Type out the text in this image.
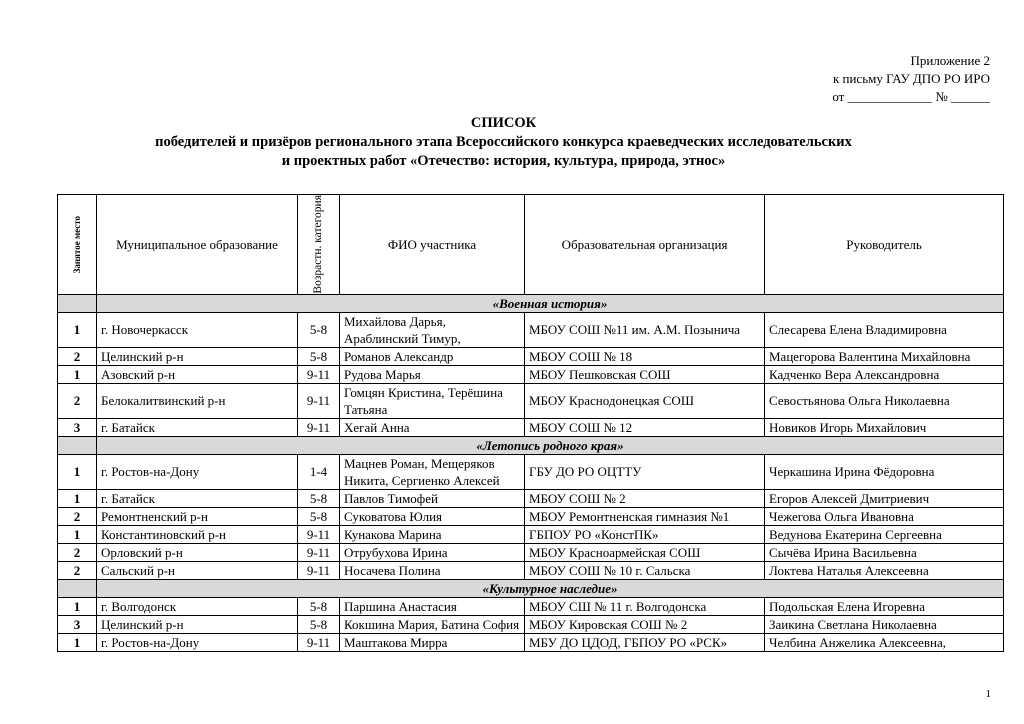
Приложение 2
к письму ГАУ ДПО РО ИРО
от _____________ № ______
СПИСОК
победителей и призёров регионального этапа Всероссийского конкурса краеведческих исследовательских
и проектных работ «Отечество: история, культура, природа, этнос»
Занятое место	Муниципальное образование	Возрастн. категория	ФИО участника	Образовательная организация	Руководитель
	«Военная история»				
1	г. Новочеркасск	5-8	Михайлова Дарья, Араблинский Тимур,	МБОУ СОШ №11 им. А.М. Позынича	Слесарева Елена Владимировна
2	Целинский р-н	5-8	Романов Александр	МБОУ СОШ № 18	Мацегорова Валентина Михайловна
1	Азовский р-н	9-11	Рудова Марья	МБОУ Пешковская СОШ	Кадченко Вера Александровна
2	Белокалитвинский р-н	9-11	Гомцян Кристина, Терёшина Татьяна	МБОУ Краснодонецкая СОШ	Севостьянова Ольга Николаевна
3	г. Батайск	9-11	Хегай Анна	МБОУ СОШ № 12	Новиков Игорь Михайлович
	«Летопись родного края»				
1	г. Ростов-на-Дону	1-4	Мацнев Роман, Мещеряков Никита, Сергиенко Алексей	ГБУ ДО РО ОЦТТУ	Черкашина Ирина Фёдоровна
1	г. Батайск	5-8	Павлов Тимофей	МБОУ СОШ № 2	Егоров Алексей Дмитриевич
2	Ремонтненский р-н	5-8	Суковатова Юлия	МБОУ Ремонтненская гимназия №1	Чежегова Ольга Ивановна
1	Константиновский р-н	9-11	Кунакова Марина	ГБПОУ РО «КонстПК»	Ведунова Екатерина Сергеевна
2	Орловский р-н	9-11	Отрубухова Ирина	МБОУ Красноармейская СОШ	Сычёва Ирина Васильевна
2	Сальский р-н	9-11	Носачева Полина	МБОУ СОШ № 10 г. Сальска	Локтева Наталья Алексеевна
	«Культурное наследие»				
1	г. Волгодонск	5-8	Паршина Анастасия	МБОУ СШ № 11 г. Волгодонска	Подольская Елена Игоревна
3	Целинский р-н	5-8	Кокшина Мария, Батина София	МБОУ Кировская СОШ № 2	Заикина Светлана Николаевна
1	г. Ростов-на-Дону	9-11	Маштакова Мирра	МБУ ДО ЦДОД, ГБПОУ РО «РСК»	Челбина Анжелика Алексеевна,
1
